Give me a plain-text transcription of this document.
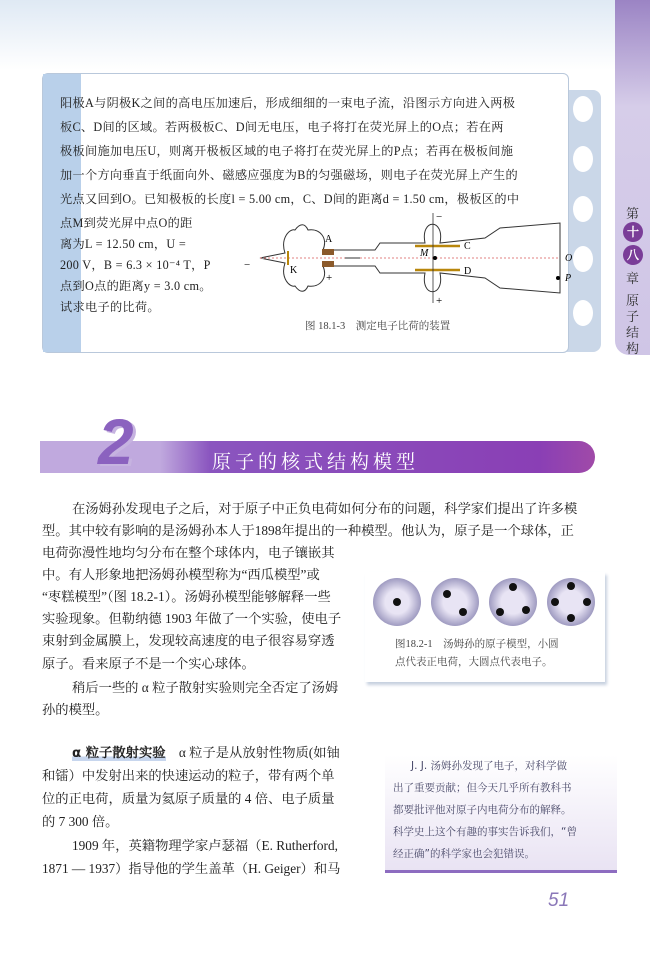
第
十
八
章
原
子
结
构
阳极A与阴极K之间的高电压加速后，形成细细的一束电子流，沿图示方向进入两极
板C、D间的区域。若两极板C、D间无电压，电子将打在荧光屏上的O点；若在两
极板间施加电压U，则离开极板区域的电子将打在荧光屏上的P点；若再在极板间施
加一个方向垂直于纸面向外、磁感应强度为B的匀强磁场，则电子在荧光屏上产生的
光点又回到O。已知极板的长度l = 5.00 cm，C、D间的距离d = 1.50 cm，极板区的中
点M到荧光屏中点O的距
离为L = 12.50 cm，U =
200 V，B = 6.3 × 10⁻⁴ T，P
点到O点的距离y = 3.0 cm。
试求电子的比荷。
A
K
C
D
M	O
P
−
+
+
−
图 18.1-3　测定电子比荷的装置
2	原子的核式结构模型
在汤姆孙发现电子之后，对于原子中正负电荷如何分布的问题，科学家们提出了许多模
型。其中较有影响的是汤姆孙本人于1898年提出的一种模型。他认为，原子是一个球体，正
电荷弥漫性地均匀分布在整个球体内，电子镶嵌其
中。有人形象地把汤姆孙模型称为“西瓜模型”或
“枣糕模型”（图 18.2-1）。汤姆孙模型能够解释一些
实验现象。但勒纳德 1903 年做了一个实验，使电子
束射到金属膜上，发现较高速度的电子很容易穿透
原子。看来原子不是一个实心球体。
稍后一些的 α 粒子散射实验则完全否定了汤姆
孙的模型。
图18.2-1　汤姆孙的原子模型，小圆
点代表正电荷，大圆点代表电子。
α 粒子散射实验　 α 粒子是从放射性物质(如铀
和镭）中发射出来的快速运动的粒子，带有两个单
位的正电荷，质量为氦原子质量的 4 倍、电子质量
的 7 300 倍。
1909 年，英籍物理学家卢瑟福（E. Rutherford,
1871 — 1937）指导他的学生盖革（H. Geiger）和马
J. J. 汤姆孙发现了电子，对科学做
出了重要贡献；但今天几乎所有教科书
都要批评他对原子内电荷分布的解释。
科学史上这个有趣的事实告诉我们，“曾
经正确”的科学家也会犯错误。
51
